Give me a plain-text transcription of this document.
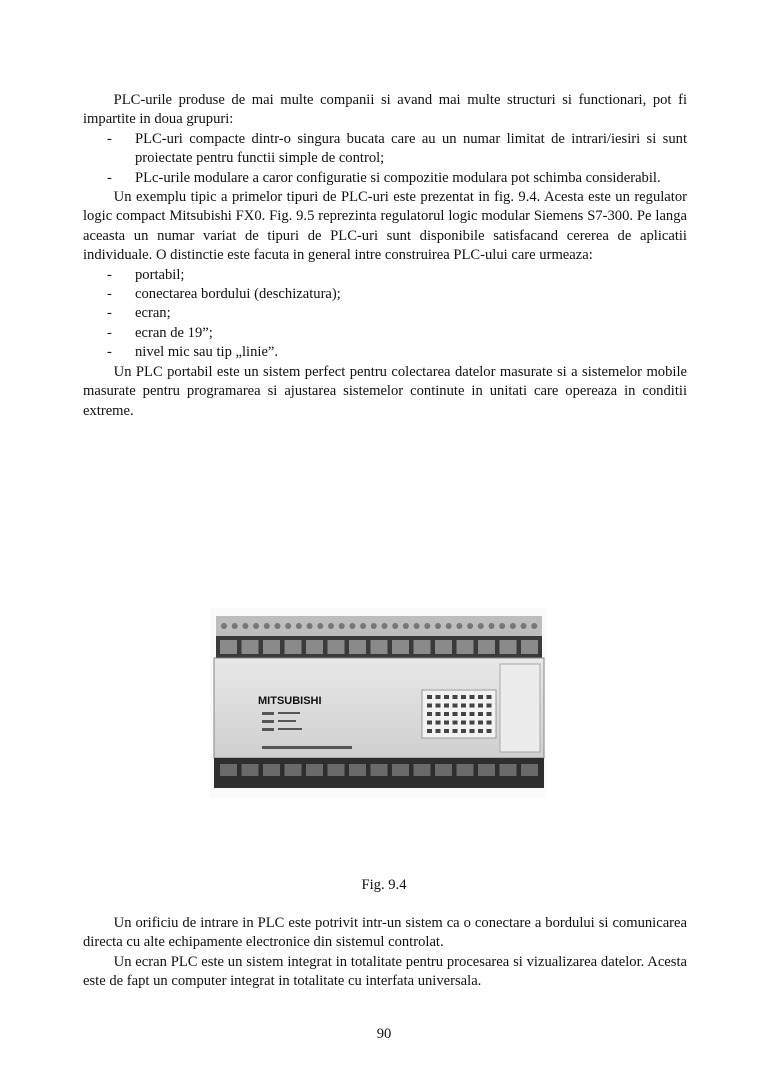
PLC-urile produse de mai multe companii si avand mai multe structuri si functionari, pot fi impartite in doua grupuri:

- PLC-uri compacte dintr-o singura bucata care au un numar limitat de intrari/iesiri si sunt proiectate pentru functii simple de control;
- PLc-urile modulare a caror configuratie si compozitie modulara pot schimba considerabil.

Un exemplu tipic a primelor tipuri de PLC-uri este prezentat in fig. 9.4. Acesta este un regulator logic compact Mitsubishi FX0. Fig. 9.5 reprezinta regulatorul logic modular Siemens S7-300. Pe langa aceasta un numar variat de tipuri de PLC-uri sunt disponibile satisfacand cererea de aplicatii individuale. O distinctie este facuta in general intre construirea PLC-ului care urmeaza:

- portabil;
- conectarea bordului (deschizatura);
- ecran;
- ecran de 19”;
- nivel mic sau tip „linie”.

Un PLC portabil este un sistem perfect pentru colectarea datelor masurate si a sistemelor mobile masurate pentru programarea si ajustarea sistemelor continute in unitati care opereaza in conditii extreme.

MITSUBISHI
Fig. 9.4

Un orificiu de intrare in PLC este potrivit intr-un sistem ca o conectare a bordului si comunicarea directa cu alte echipamente electronice din sistemul controlat.

Un ecran PLC este un sistem integrat in totalitate pentru procesarea si vizualizarea datelor. Acesta este de fapt un computer integrat in totalitate cu interfata universala.

90
